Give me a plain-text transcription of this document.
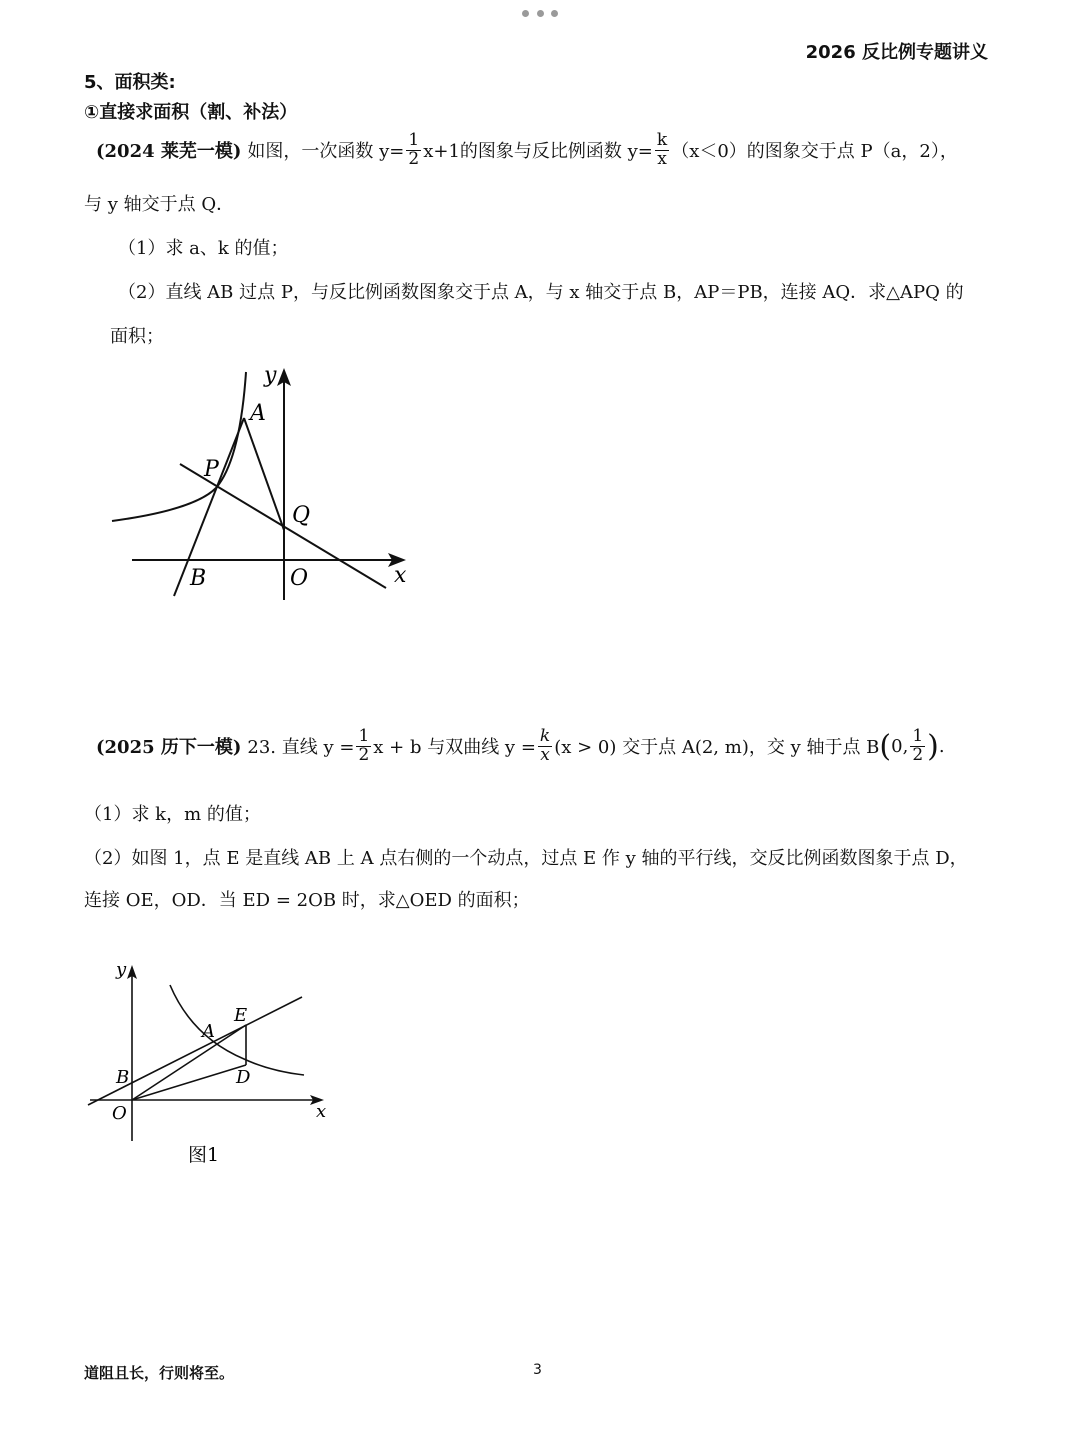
2026 反比例专题讲义
5、面积类:
①直接求面积（割、补法）
(2024 莱芜一模) 如图，一次函数 $y= \frac{1}{2} x+1$的图象与反比例函数 $y= \frac{k}{x} (x<0)$的图象交于点 P（a，2），
与 y 轴交于点 Q．
（1）求 a、k 的值；
（2）直线 AB 过点 P，与反比例函数图象交于点 A，与 x 轴交于点 B，AP＝PB，连接 AQ．求△APQ 的
面积；
y
x
A
P
Q
B	O
(2025 历下一模) 23. 直线 $y = \frac{1}{2}$ x + b 与双曲线 $y = \frac{k}{x} (x > 0)$ 交于点 A(2, m)，交 y 轴于点 B ( 0, $\frac{1}{2}$ ) .
（1）求 k，m 的值；
（2）如图 1，点 E 是直线 AB 上 A 点右侧的一个动点，过点 E 作 y 轴的平行线，交反比例函数图象于点 D，
连接 OE，OD．当 ED = 2OB 时，求△OED 的面积；
y
x
A
E
B	D
O
图1
道阻且长，行则将至。	3
